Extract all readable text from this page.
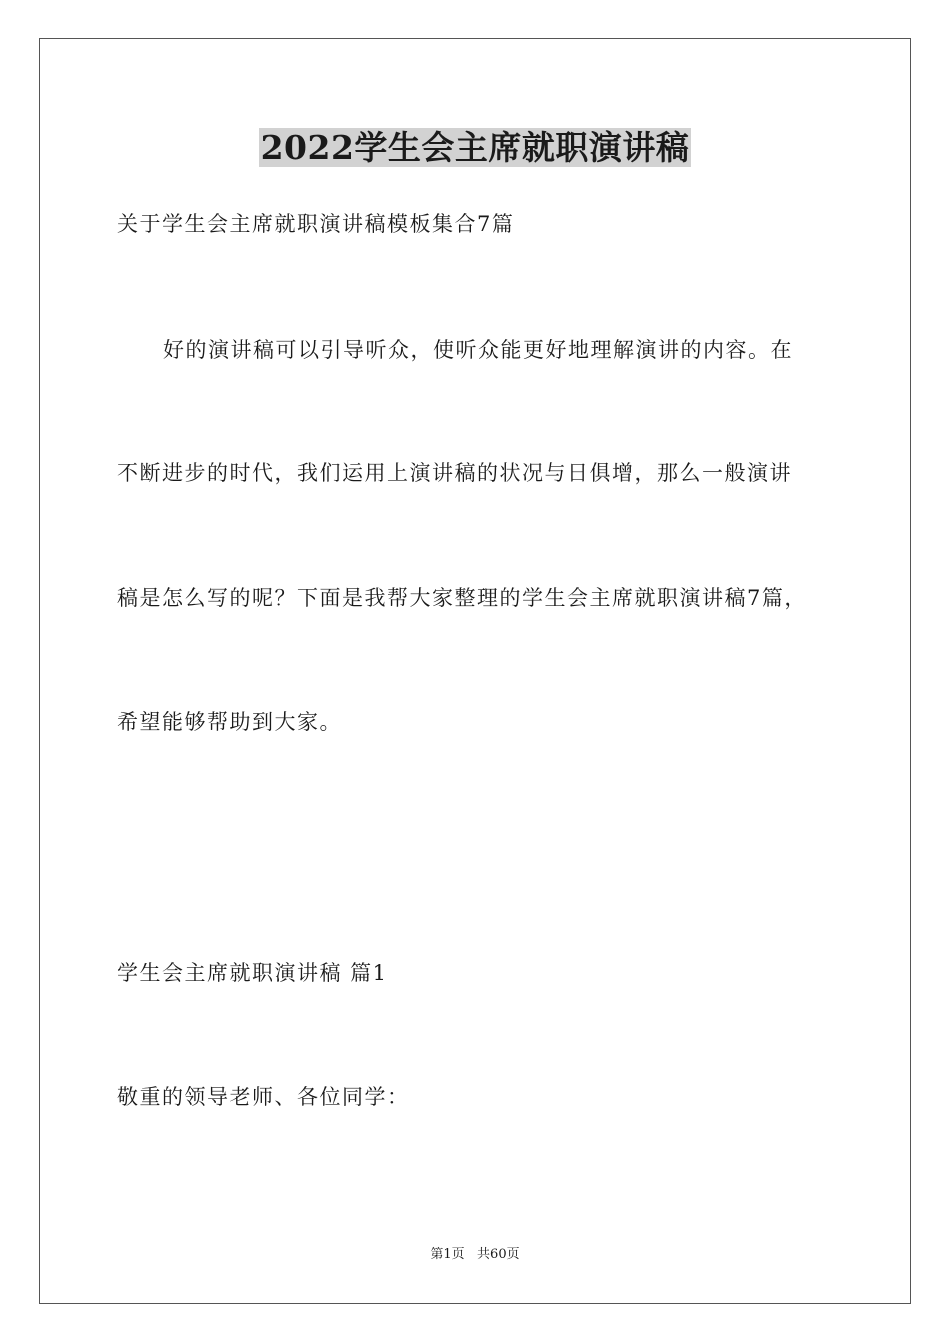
2022学生会主席就职演讲稿
关于学生会主席就职演讲稿模板集合7篇
好的演讲稿可以引导听众，使听众能更好地理解演讲的内容。在
不断进步的时代，我们运用上演讲稿的状况与日俱增，那么一般演讲
稿是怎么写的呢？下面是我帮大家整理的学生会主席就职演讲稿7篇，
希望能够帮助到大家。
学生会主席就职演讲稿 篇1
敬重的领导老师、各位同学：
第1页   共60页
